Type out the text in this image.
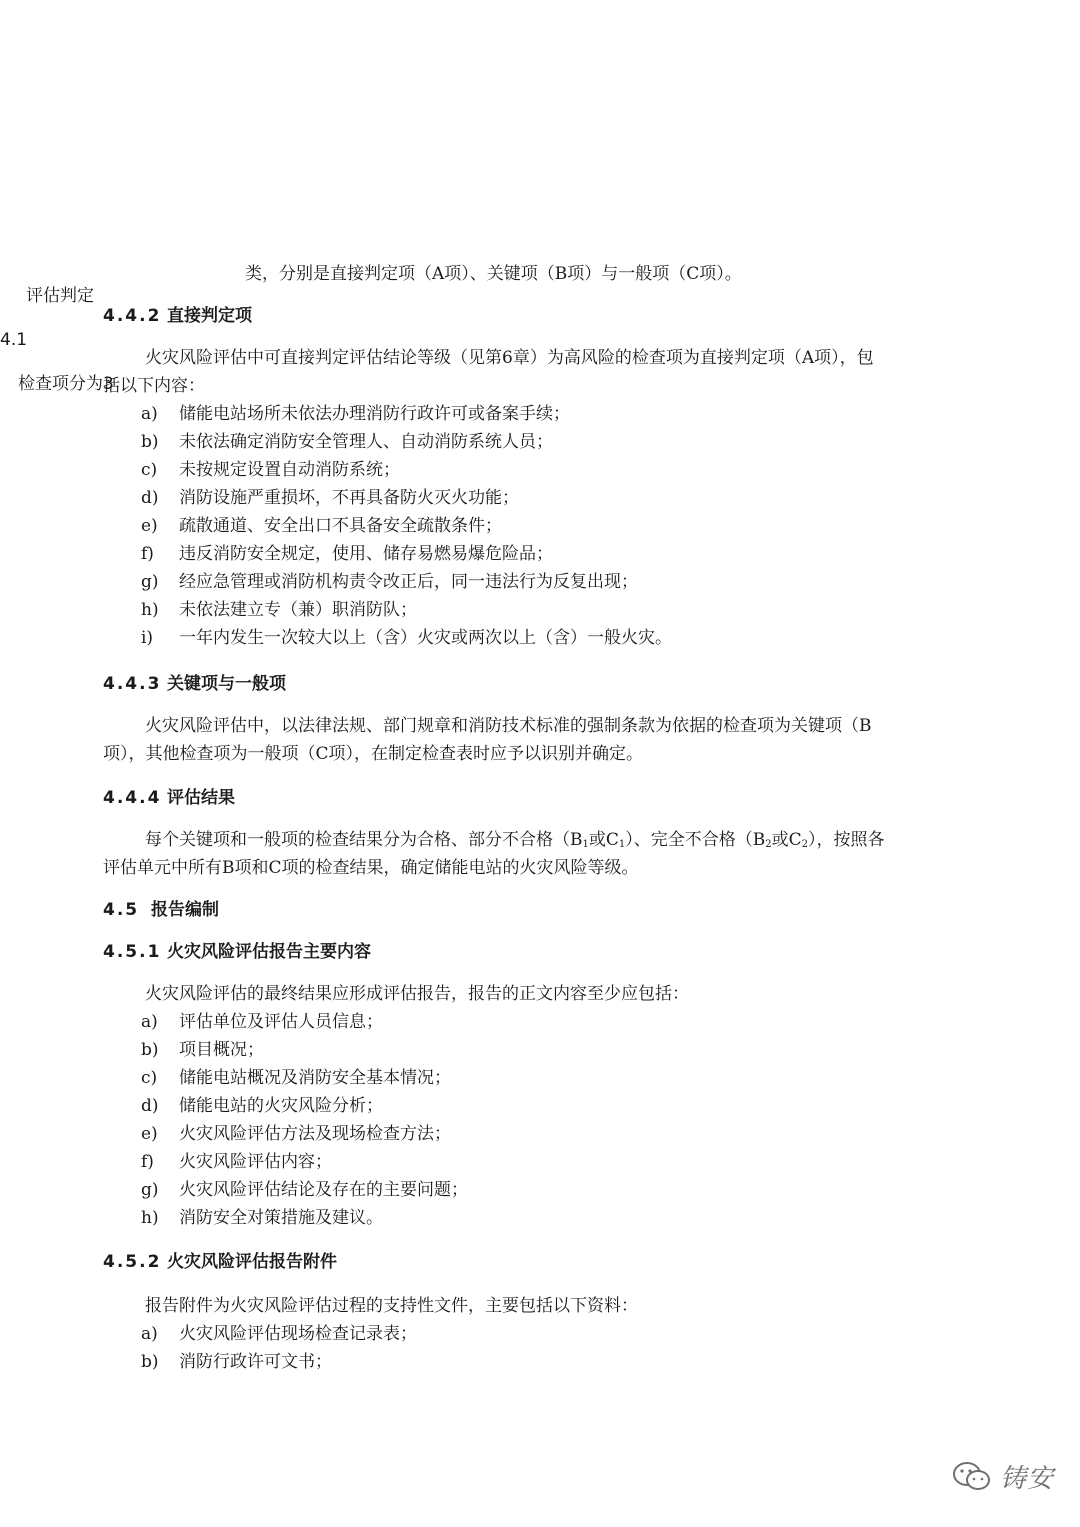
评估判定
4.1
检查项分为3
类，分别是直接判定项（A项）、关键项（B项）与一般项（C项）。
4.4.2 直接判定项
火灾风险评估中可直接判定评估结论等级（见第6章）为高风险的检查项为直接判定项（A项），包
括以下内容：
a) 储能电站场所未依法办理消防行政许可或备案手续；
b) 未依法确定消防安全管理人、自动消防系统人员；
c) 未按规定设置自动消防系统；
d) 消防设施严重损坏，不再具备防火灭火功能；
e) 疏散通道、安全出口不具备安全疏散条件；
f) 违反消防安全规定，使用、储存易燃易爆危险品；
g) 经应急管理或消防机构责令改正后，同一违法行为反复出现；
h) 未依法建立专（兼）职消防队；
i) 一年内发生一次较大以上（含）火灾或两次以上（含）一般火灾。
4.4.3 关键项与一般项
火灾风险评估中，以法律法规、部门规章和消防技术标准的强制条款为依据的检查项为关键项（B
项），其他检查项为一般项（C项），在制定检查表时应予以识别并确定。
4.4.4 评估结果
每个关键项和一般项的检查结果分为合格、部分不合格（$B_1$或$C_1$）、完全不合格（$B_2$或$C_2$），按照各
评估单元中所有B项和C项的检查结果，确定储能电站的火灾风险等级。
4.5 报告编制
4.5.1 火灾风险评估报告主要内容
火灾风险评估的最终结果应形成评估报告，报告的正文内容至少应包括：
a) 评估单位及评估人员信息；
b) 项目概况；
c) 储能电站概况及消防安全基本情况；
d) 储能电站的火灾风险分析；
e) 火灾风险评估方法及现场检查方法；
f) 火灾风险评估内容；
g) 火灾风险评估结论及存在的主要问题；
h) 消防安全对策措施及建议。
4.5.2 火灾风险评估报告附件
报告附件为火灾风险评估过程的支持性文件，主要包括以下资料：
a) 火灾风险评估现场检查记录表；
b) 消防行政许可文书；
铸安
